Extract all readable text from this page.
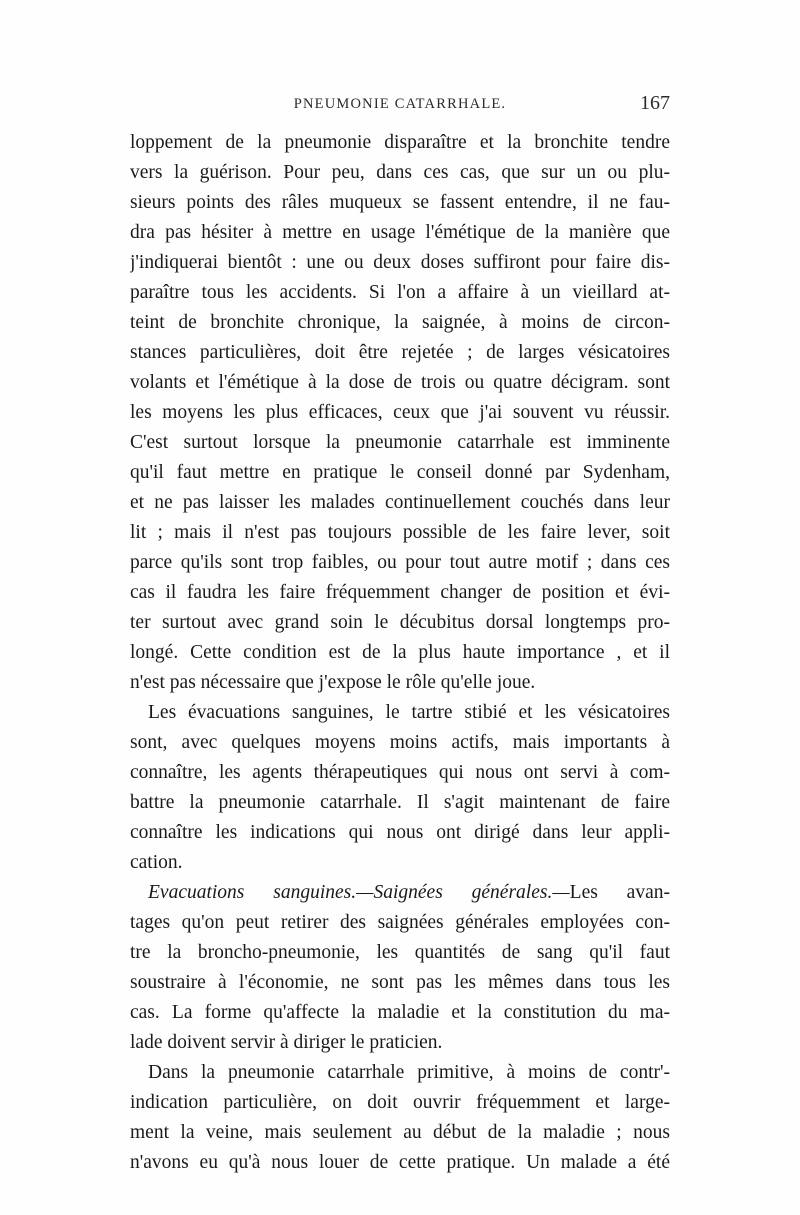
PNEUMONIE CATARRHALE.	167
loppement de la pneumonie disparaître et la bronchite tendre
vers la guérison. Pour peu, dans ces cas, que sur un ou plu-
sieurs points des râles muqueux se fassent entendre, il ne fau-
dra pas hésiter à mettre en usage l'émétique de la manière que
j'indiquerai bientôt : une ou deux doses suffiront pour faire dis-
paraître tous les accidents. Si l'on a affaire à un vieillard at-
teint de bronchite chronique, la saignée, à moins de circon-
stances particulières, doit être rejetée ; de larges vésicatoires
volants et l'émétique à la dose de trois ou quatre décigram. sont
les moyens les plus efficaces, ceux que j'ai souvent vu réussir.
C'est surtout lorsque la pneumonie catarrhale est imminente
qu'il faut mettre en pratique le conseil donné par Sydenham,
et ne pas laisser les malades continuellement couchés dans leur
lit ; mais il n'est pas toujours possible de les faire lever, soit
parce qu'ils sont trop faibles, ou pour tout autre motif ; dans ces
cas il faudra les faire fréquemment changer de position et évi-
ter surtout avec grand soin le décubitus dorsal longtemps pro-
longé. Cette condition est de la plus haute importance , et il
n'est pas nécessaire que j'expose le rôle qu'elle joue.
Les évacuations sanguines, le tartre stibié et les vésicatoires
sont, avec quelques moyens moins actifs, mais importants à
connaître, les agents thérapeutiques qui nous ont servi à com-
battre la pneumonie catarrhale. Il s'agit maintenant de faire
connaître les indications qui nous ont dirigé dans leur appli-
cation.
Evacuations sanguines.—Saignées générales.—Les avan-
tages qu'on peut retirer des saignées générales employées con-
tre la broncho-pneumonie, les quantités de sang qu'il faut
soustraire à l'économie, ne sont pas les mêmes dans tous les
cas. La forme qu'affecte la maladie et la constitution du ma-
lade doivent servir à diriger le praticien.
Dans la pneumonie catarrhale primitive, à moins de contr'-
indication particulière, on doit ouvrir fréquemment et large-
ment la veine, mais seulement au début de la maladie ; nous
n'avons eu qu'à nous louer de cette pratique. Un malade a été
